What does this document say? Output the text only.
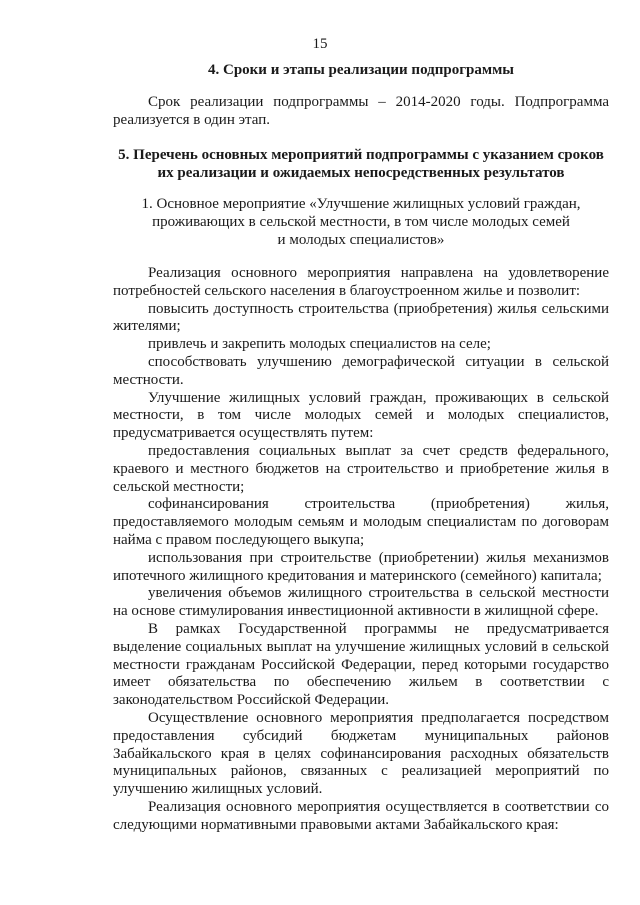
15
4. Сроки и этапы реализации подпрограммы
Срок реализации подпрограммы – 2014-2020 годы. Подпрограмма реализуется в один этап.
5. Перечень основных мероприятий подпрограммы с указанием сроков
их реализации и ожидаемых непосредственных результатов
1. Основное мероприятие «Улучшение жилищных условий граждан,
проживающих в сельской местности, в том числе молодых семей
и молодых специалистов»

Реализация основного мероприятия направлена на удовлетворение потребностей сельского населения в благоустроенном жилье и позволит:

повысить доступность строительства (приобретения) жилья сельскими жителями;

привлечь и закрепить молодых специалистов на селе;

способствовать улучшению демографической ситуации в сельской местности.

Улучшение жилищных условий граждан, проживающих в сельской местности, в том числе молодых семей и молодых специалистов, предусматривается осуществлять путем:

предоставления социальных выплат за счет средств федерального, краевого и местного бюджетов на строительство и приобретение жилья в сельской местности;

софинансирования строительства (приобретения) жилья, предоставляемого молодым семьям и молодым специалистам по договорам найма с правом последующего выкупа;

использования при строительстве (приобретении) жилья механизмов ипотечного жилищного кредитования и материнского (семейного) капитала;

увеличения объемов жилищного строительства в сельской местности на основе стимулирования инвестиционной активности в жилищной сфере.

В рамках Государственной программы не предусматривается выделение социальных выплат на улучшение жилищных условий в сельской местности гражданам Российской Федерации, перед которыми государство имеет обязательства по обеспечению жильем в соответствии с законодательством Российской Федерации.

Осуществление основного мероприятия предполагается посредством предоставления субсидий бюджетам муниципальных районов Забайкальского края в целях софинансирования расходных обязательств муниципальных районов, связанных с реализацией мероприятий по улучшению жилищных условий.

Реализация основного мероприятия осуществляется в соответствии со следующими нормативными правовыми актами Забайкальского края:
